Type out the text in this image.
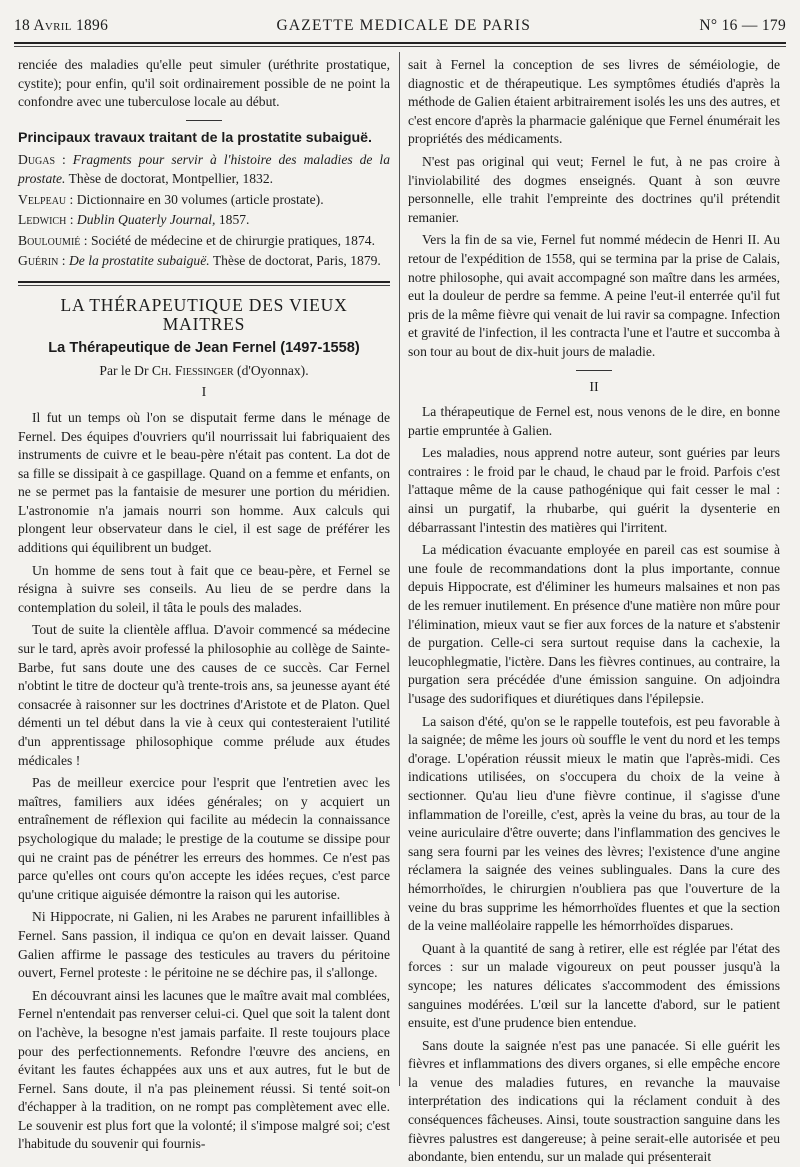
18 Avril 1896	GAZETTE MEDICALE DE PARIS	N° 16 — 179

renciée des maladies qu'elle peut simuler (uréthrite prostatique, cystite); pour enfin, qu'il soit ordinairement possible de ne point la confondre avec une tuberculose locale au début.

Principaux travaux traitant de la prostatite subaiguë.

Dugas : Fragments pour servir à l'histoire des maladies de la prostate. Thèse de doctorat, Montpellier, 1832.

Velpeau : Dictionnaire en 30 volumes (article prostate).

Ledwich : Dublin Quaterly Journal, 1857.

Bouloumié : Société de médecine et de chirurgie pratiques, 1874.

Guérin : De la prostatite subaiguë. Thèse de doctorat, Paris, 1879.

LA THÉRAPEUTIQUE DES VIEUX MAITRES

La Thérapeutique de Jean Fernel (1497-1558)

Par le Dr Ch. Fiessinger (d'Oyonnax).

I

Il fut un temps où l'on se disputait ferme dans le ménage de Fernel. Des équipes d'ouvriers qu'il nourrissait lui fabriquaient des instruments de cuivre et le beau-père n'était pas content. La dot de sa fille se dissipait à ce gaspillage. Quand on a femme et enfants, on ne se permet pas la fantaisie de mesurer une portion du méridien. L'astronomie n'a jamais nourri son homme. Aux calculs qui plongent leur observateur dans le ciel, il est sage de préférer les additions qui équilibrent un budget.

Un homme de sens tout à fait que ce beau-père, et Fernel se résigna à suivre ses conseils. Au lieu de se perdre dans la contemplation du soleil, il tâta le pouls des malades.

Tout de suite la clientèle afflua. D'avoir commencé sa médecine sur le tard, après avoir professé la philosophie au collège de Sainte-Barbe, fut sans doute une des causes de ce succès. Car Fernel n'obtint le titre de docteur qu'à trente-trois ans, sa jeunesse ayant été consacrée à raisonner sur les doctrines d'Aristote et de Platon. Quel démenti un tel début dans la vie à ceux qui contesteraient l'utilité d'un apprentissage philosophique comme prélude aux études médicales !

Pas de meilleur exercice pour l'esprit que l'entretien avec les maîtres, familiers aux idées générales; on y acquiert un entraînement de réflexion qui facilite au médecin la connaissance psychologique du malade; le prestige de la coutume se dissipe pour qui ne craint pas de pénétrer les erreurs des hommes. Ce n'est pas parce qu'elles ont cours qu'on accepte les idées reçues, c'est parce qu'une critique aiguisée démontre la raison qui les autorise.

Ni Hippocrate, ni Galien, ni les Arabes ne parurent infaillibles à Fernel. Sans passion, il indiqua ce qu'on en devait laisser. Quand Galien affirme le passage des testicules au travers du péritoine ouvert, Fernel proteste : le péritoine ne se déchire pas, il s'allonge.

En découvrant ainsi les lacunes que le maître avait mal comblées, Fernel n'entendait pas renverser celui-ci. Quel que soit la talent dont on l'achève, la besogne n'est jamais parfaite. Il reste toujours place pour des perfectionnements. Refondre l'œuvre des anciens, en évitant les fautes échappées aux uns et aux autres, fut le but de Fernel. Sans doute, il n'a pas pleinement réussi. Si tenté soit-on d'échapper à la tradition, on ne rompt pas complètement avec elle. Le souvenir est plus fort que la volonté; il s'impose malgré soi; c'est l'habitude du souvenir qui fournis-

sait à Fernel la conception de ses livres de séméiologie, de diagnostic et de thérapeutique. Les symptômes étudiés d'après la méthode de Galien étaient arbitrairement isolés les uns des autres, et c'est encore d'après la pharmacie galénique que Fernel énumérait les propriétés des médicaments.

N'est pas original qui veut; Fernel le fut, à ne pas croire à l'inviolabilité des dogmes enseignés. Quant à son œuvre personnelle, elle trahit l'empreinte des doctrines qu'il prétendit remanier.

Vers la fin de sa vie, Fernel fut nommé médecin de Henri II. Au retour de l'expédition de 1558, qui se termina par la prise de Calais, notre philosophe, qui avait accompagné son maître dans les armées, eut la douleur de perdre sa femme. A peine l'eut-il enterrée qu'il fut pris de la même fièvre qui venait de lui ravir sa compagne. Infection et gravité de l'infection, il les contracta l'une et l'autre et succomba à son tour au bout de dix-huit jours de maladie.

II

La thérapeutique de Fernel est, nous venons de le dire, en bonne partie empruntée à Galien.

Les maladies, nous apprend notre auteur, sont guéries par leurs contraires : le froid par le chaud, le chaud par le froid. Parfois c'est l'attaque même de la cause pathogénique qui fait cesser le mal : ainsi un purgatif, la rhubarbe, qui guérit la dysenterie en débarrassant l'intestin des matières qui l'irritent.

La médication évacuante employée en pareil cas est soumise à une foule de recommandations dont la plus importante, connue depuis Hippocrate, est d'éliminer les humeurs malsaines et non pas de les remuer inutilement. En présence d'une matière non mûre pour l'élimination, mieux vaut se fier aux forces de la nature et s'abstenir de purgation. Celle-ci sera surtout requise dans la cachexie, la leucophlegmatie, l'ictère. Dans les fièvres continues, au contraire, la purgation sera précédée d'une émission sanguine. On adjoindra l'usage des sudorifiques et diurétiques dans l'épilepsie.

La saison d'été, qu'on se le rappelle toutefois, est peu favorable à la saignée; de même les jours où souffle le vent du nord et les temps d'orage. L'opération réussit mieux le matin que l'après-midi. Ces indications utilisées, on s'occupera du choix de la veine à sectionner. Qu'au lieu d'une fièvre continue, il s'agisse d'une inflammation de l'oreille, c'est, après la veine du bras, au tour de la veine auriculaire d'être ouverte; dans l'inflammation des gencives le sang sera fourni par les veines des lèvres; l'existence d'une angine réclamera la saignée des veines sublinguales. Dans la cure des hémorrhoïdes, le chirurgien n'oubliera pas que l'ouverture de la veine du bras supprime les hémorrhoïdes fluentes et que la section de la veine malléolaire rappelle les hémorrhoïdes disparues.

Quant à la quantité de sang à retirer, elle est réglée par l'état des forces : sur un malade vigoureux on peut pousser jusqu'à la syncope; les natures délicates s'accommodent des émissions sanguines modérées. L'œil sur la lancette d'abord, sur le patient ensuite, est d'une prudence bien entendue.

Sans doute la saignée n'est pas une panacée. Si elle guérit les fièvres et inflammations des divers organes, si elle empêche encore la venue des maladies futures, en revanche la mauvaise interprétation des indications qui la réclament conduit à des conséquences fâcheuses. Ainsi, toute soustraction sanguine dans les fièvres palustres est dangereuse; à peine serait-elle autorisée et peu abondante, bien entendu, sur un malade qui présenterait
